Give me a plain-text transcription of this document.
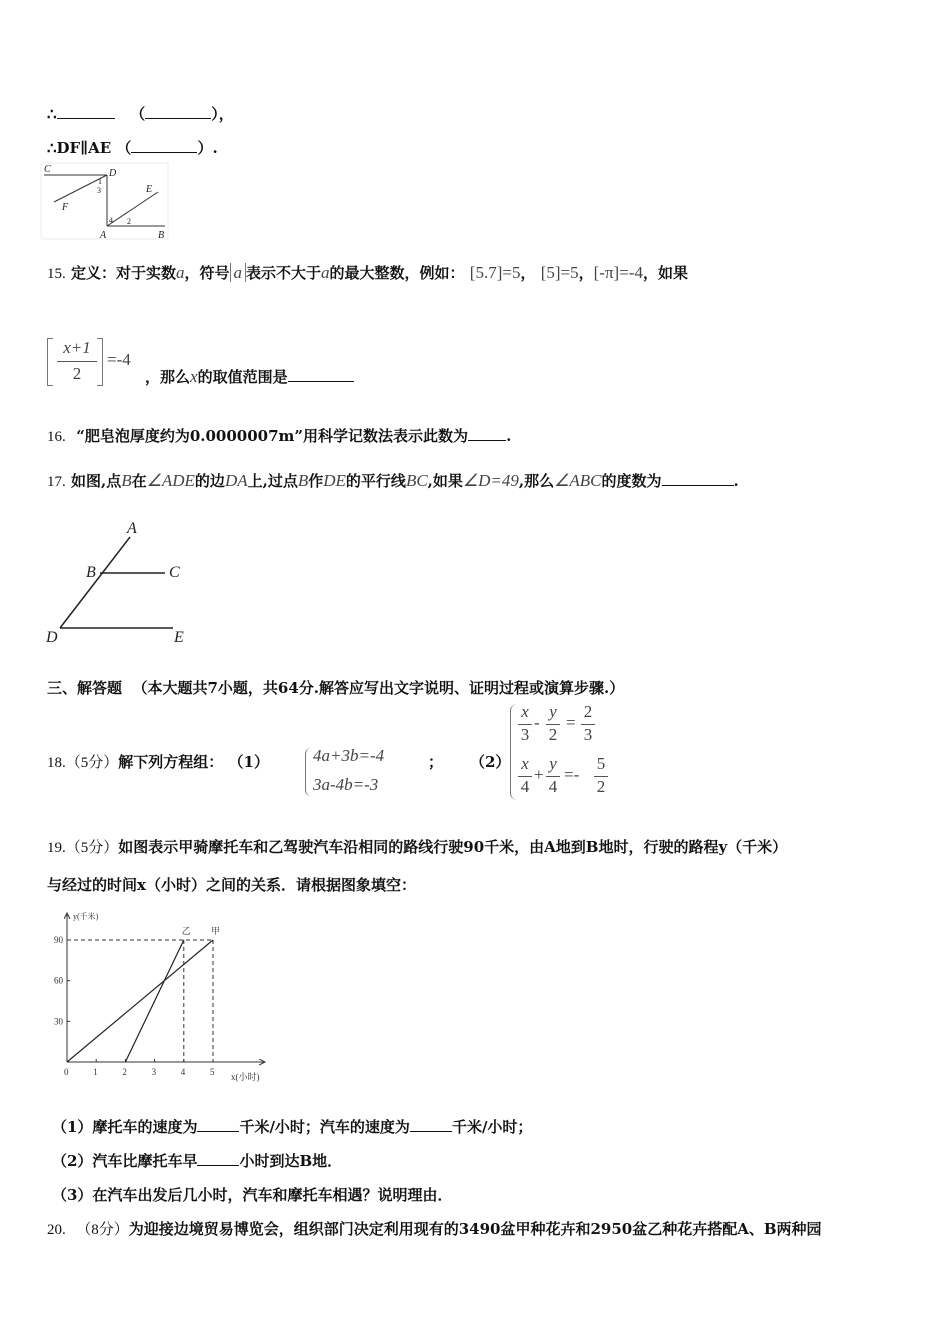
∴	（	），
∴DF∥AE （	）.
C	D
E
F
A	B
1
3
4 2
15. 定义：对于实数a，符号 a 表示不大于a的最大整数，例如： [5.7]=5， [5]=5，[-π]=-4，如果
x+1
2
=-4
，那么x的取值范围是
16. “肥皂泡厚度约为0.0000007m”用科学记数法表示此数为	.
17. 如图,点B在∠ADE的边DA上,过点B作DE的平行线BC,如果∠D=49,那么∠ABC的度数为	.
A
B	C
D	E
三、解答题 （本大题共7小题，共64分.解答应写出文字说明、证明过程或演算步骤.）
18.（5分）解下列方程组： （1）	4a+3b=-4
3a-4b=-3
； （2）
x
3
-
y
2
=
2
3
x
4
+
y
4
=-
5
2
19.（5分）如图表示甲骑摩托车和乙驾驶汽车沿相同的路线行驶90千米，由A地到B地时，行驶的路程y（千米）
与经过的时间x（小时）之间的关系．请根据图象填空：
0	1	2	3	4	5
30
60
90
x(小时)
y(千米)
甲
乙
（1）摩托车的速度为	千米/小时；汽车的速度为	千米/小时；
（2）汽车比摩托车早	小时到达B地．
（3）在汽车出发后几小时，汽车和摩托车相遇？说明理由．
20. （8分）为迎接边境贸易博览会，组织部门决定利用现有的3490盆甲种花卉和2950盆乙种花卉搭配A、B两种园
